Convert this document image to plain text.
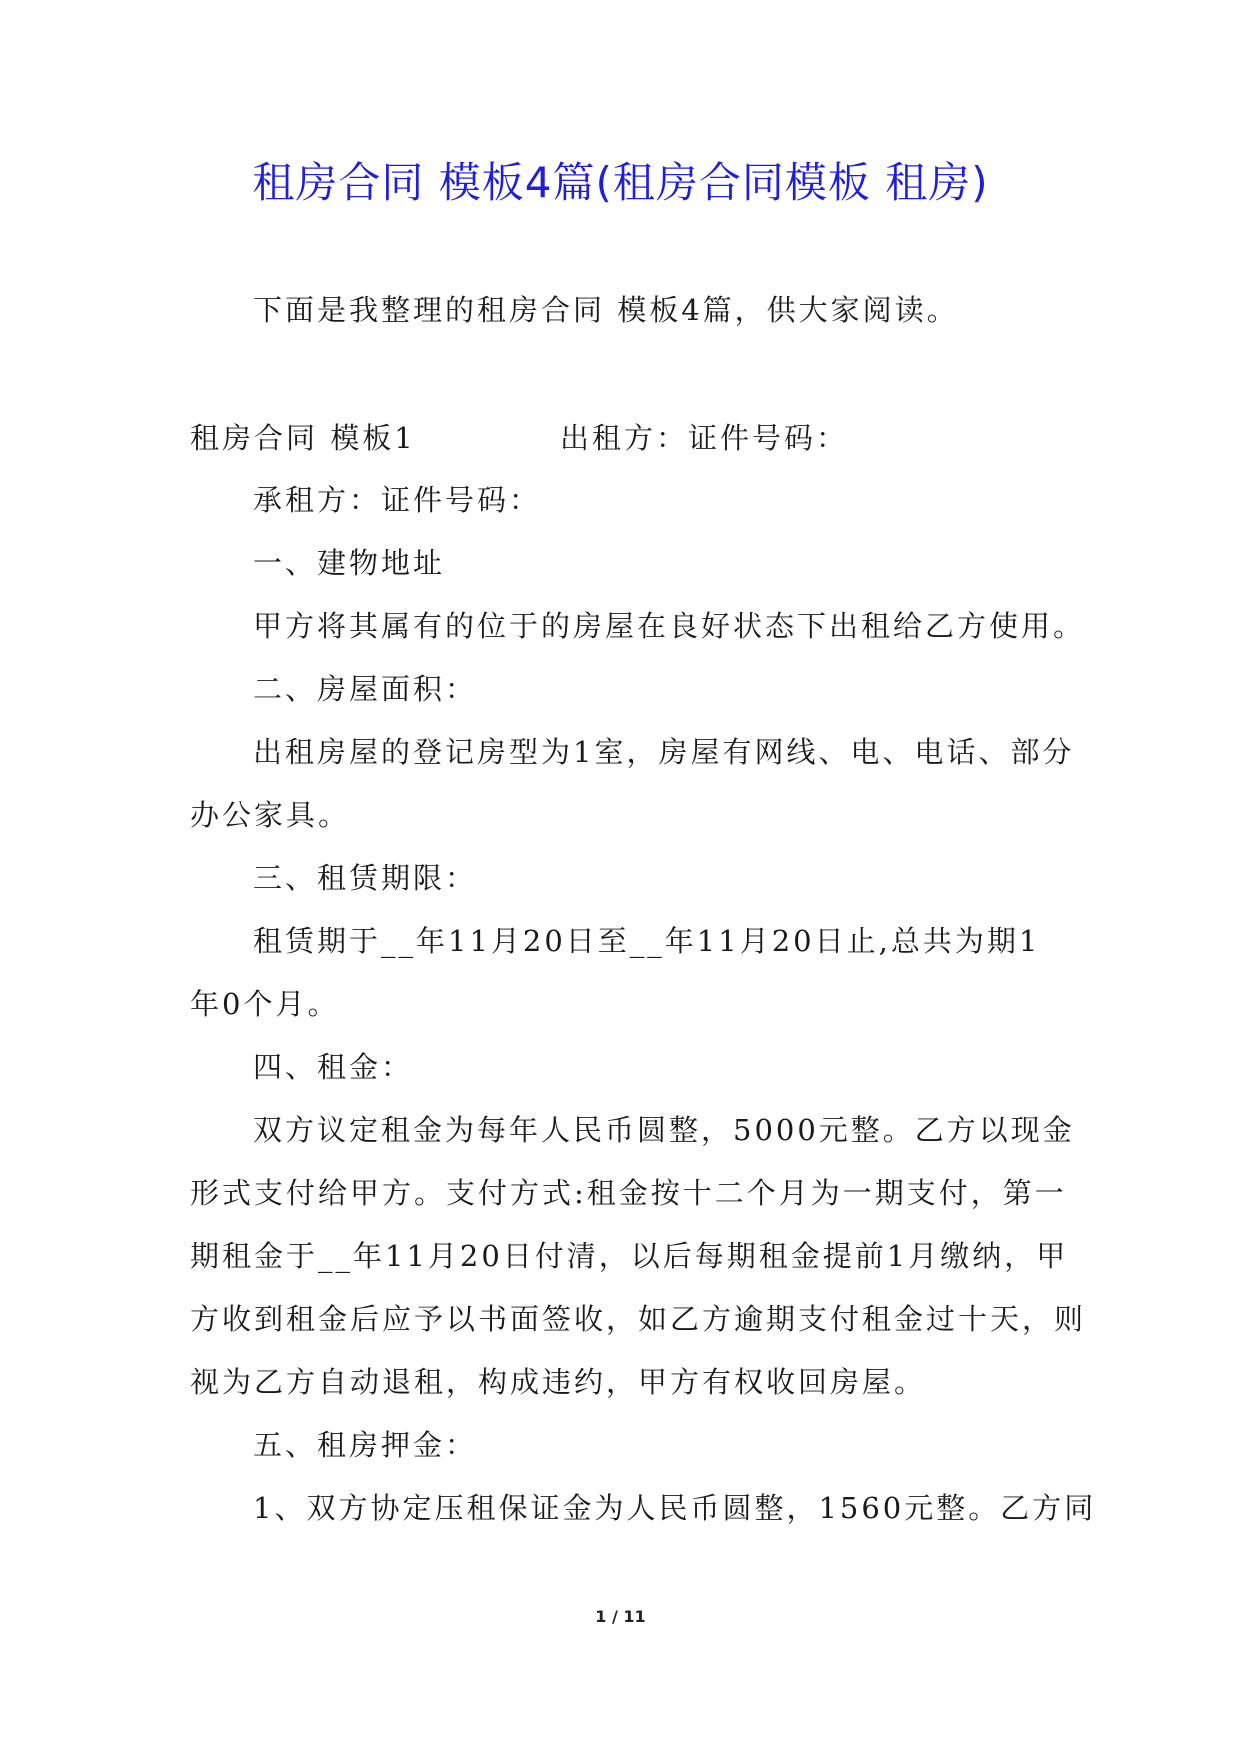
租房合同 模板4篇(租房合同模板 租房)
下面是我整理的租房合同 模板4篇，供大家阅读。
租房合同 模板1	出租方：证件号码：
承租方：证件号码：
一、建物地址
甲方将其属有的位于的房屋在良好状态下出租给乙方使用。
二、房屋面积：
出租房屋的登记房型为1室，房屋有网线、电、电话、部分
办公家具。
三、租赁期限：
租赁期于__年11月20日至__年11月20日止,总共为期1
年0个月。
四、租金：
双方议定租金为每年人民币圆整，5000元整。乙方以现金
形式支付给甲方。支付方式:租金按十二个月为一期支付，第一
期租金于__年11月20日付清，以后每期租金提前1月缴纳，甲
方收到租金后应予以书面签收，如乙方逾期支付租金过十天，则
视为乙方自动退租，构成违约，甲方有权收回房屋。
五、租房押金：
1、双方协定压租保证金为人民币圆整，1560元整。乙方同
1 / 11
